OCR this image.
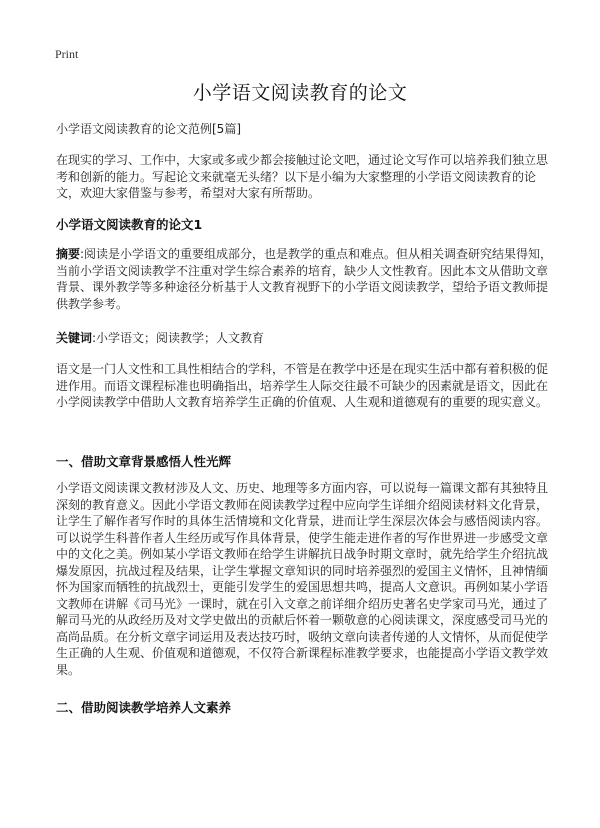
Print
小学语文阅读教育的论文
小学语文阅读教育的论文范例[5篇]
在现实的学习、工作中，大家或多或少都会接触过论文吧，通过论文写作可以培养我们独立思考和创新的能力。写起论文来就毫无头绪？以下是小编为大家整理的小学语文阅读教育的论文，欢迎大家借鉴与参考，希望对大家有所帮助。
小学语文阅读教育的论文1
摘要:阅读是小学语文的重要组成部分，也是教学的重点和难点。但从相关调查研究结果得知，当前小学语文阅读教学不注重对学生综合素养的培育，缺少人文性教育。因此本文从借助文章背景、课外教学等多种途径分析基于人文教育视野下的小学语文阅读教学，望给予语文教师提供教学参考。
关键词:小学语文；阅读教学；人文教育
语文是一门人文性和工具性相结合的学科，不管是在教学中还是在现实生活中都有着积极的促进作用。而语文课程标准也明确指出，培养学生人际交往最不可缺少的因素就是语文，因此在小学阅读教学中借助人文教育培养学生正确的价值观、人生观和道德观有的重要的现实意义。
一、借助文章背景感悟人性光辉
小学语文阅读课文教材涉及人文、历史、地理等多方面内容，可以说每一篇课文都有其独特且深刻的教育意义。因此小学语文教师在阅读教学过程中应向学生详细介绍阅读材料文化背景，让学生了解作者写作时的具体生活情境和文化背景，进而让学生深层次体会与感悟阅读内容。可以说学生科普作者人生经历或写作具体背景，使学生能走进作者的写作世界进一步感受文章中的文化之美。例如某小学语文教师在给学生讲解抗日战争时期文章时，就先给学生介绍抗战爆发原因，抗战过程及结果，让学生掌握文章知识的同时培养强烈的爱国主义情怀，且神情缅怀为国家而牺牲的抗战烈士，更能引发学生的爱国思想共鸣，提高人文意识。再例如某小学语文教师在讲解《司马光》一课时，就在引入文章之前详细介绍历史著名史学家司马光，通过了解司马光的从政经历及对文学史做出的贡献后怀着一颗敬意的心阅读课文，深度感受司马光的高尚品质。在分析文章字词运用及表达技巧时，吸纳文章向读者传递的人文情怀，从而促使学生正确的人生观、价值观和道德观，不仅符合新课程标准教学要求，也能提高小学语文教学效果。
二、借助阅读教学培养人文素养
